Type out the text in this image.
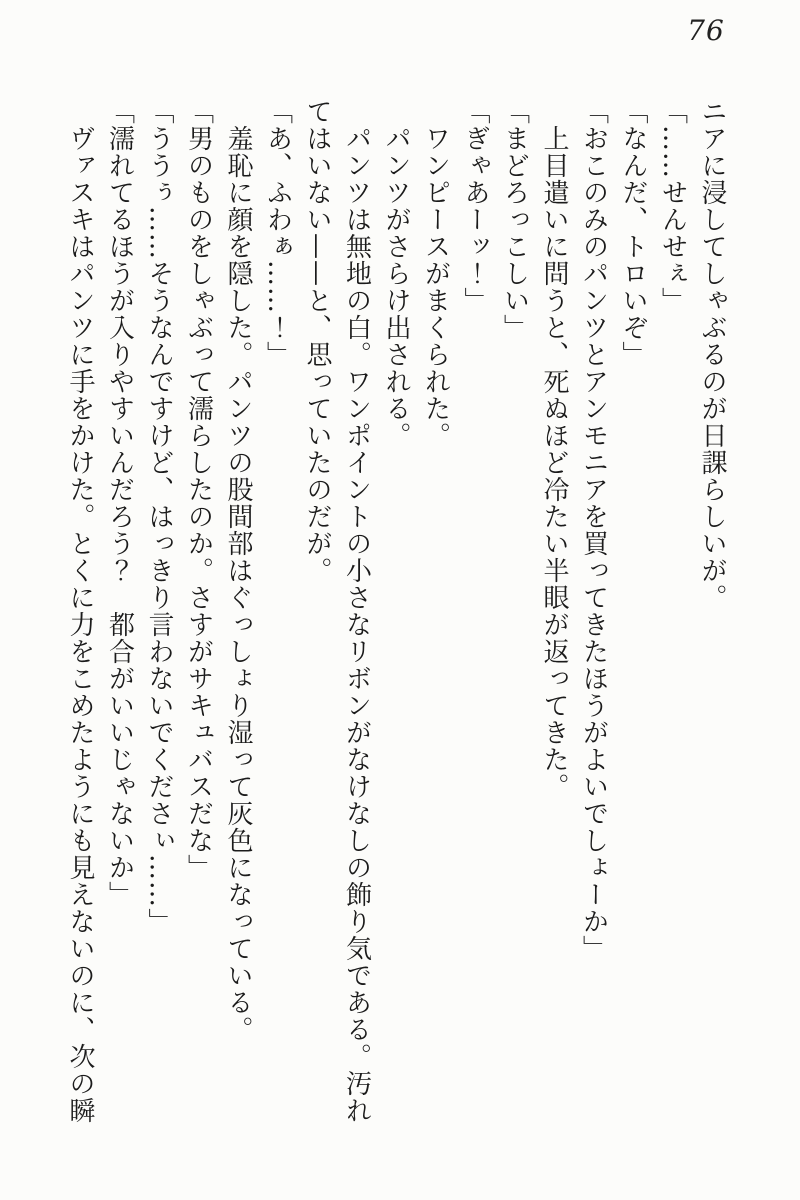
76
ニアに浸してしゃぶるのが日課らしいが。
「……せんせぇ」
「なんだ、トロいぞ」
「おこのみのパンツとアンモニアを買ってきたほうがよいでしょーか」
　上目遣いに問うと、死ぬほど冷たい半眼が返ってきた。
「まどろっこしい」
「ぎゃあーッ！」
　ワンピースがまくられた。
　パンツがさらけ出される。
　パンツは無地の白。ワンポイントの小さなリボンがなけなしの飾り気である。汚れ
てはいない——と、思っていたのだが。
「あ、ふわぁ……！」
　羞恥に顔を隠した。パンツの股間部はぐっしょり湿って灰色になっている。
「男のものをしゃぶって濡らしたのか。さすがサキュバスだな」
「ううぅ……そうなんですけど、はっきり言わないでくださぃ……」
「濡れてるほうが入りやすいんだろう？　都合がいいじゃないか」
　ヴァスキはパンツに手をかけた。とくに力をこめたようにも見えないのに、次の瞬
